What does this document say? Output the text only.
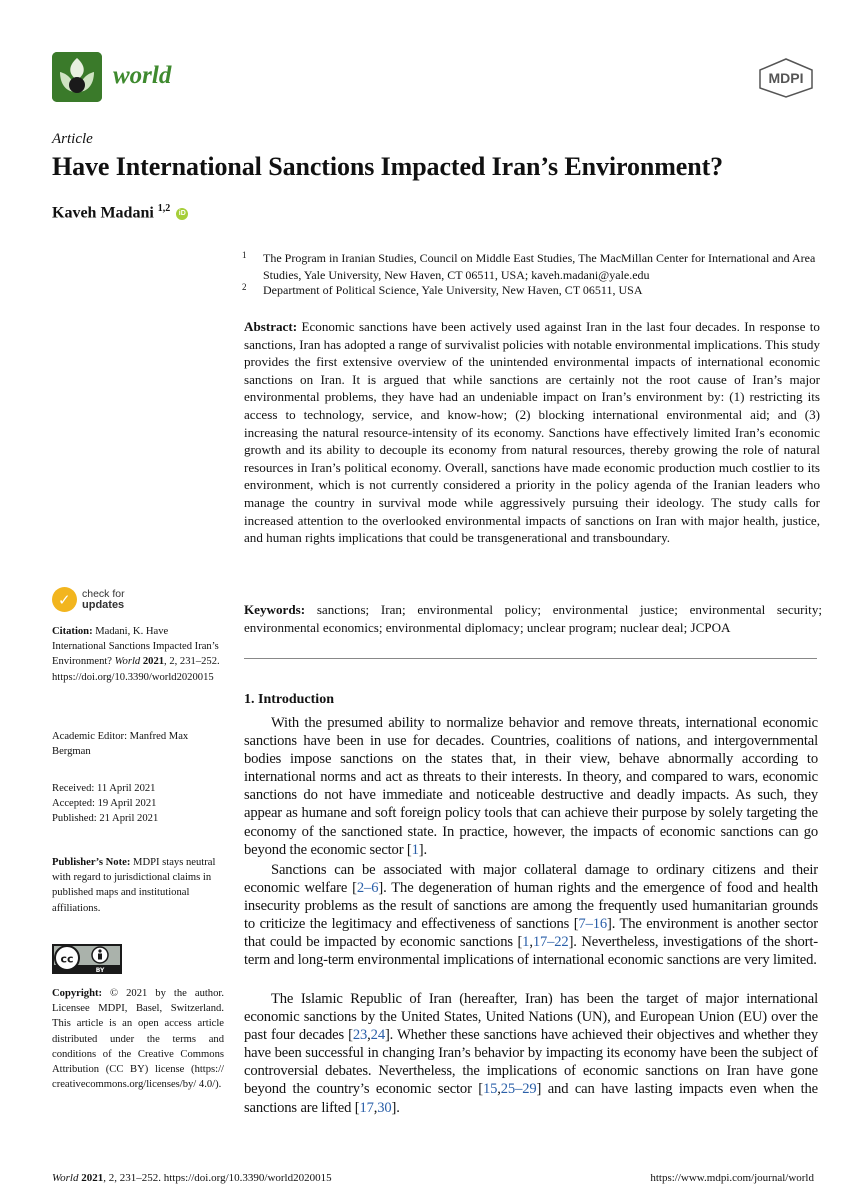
world	MDPI
Article
Have International Sanctions Impacted Iran’s Environment?
Kaveh Madani $^{1,2}$ iD
1 The Program in Iranian Studies, Council on Middle East Studies, The MacMillan Center for International and Area Studies, Yale University, New Haven, CT 06511, USA; kaveh.madani@yale.edu
2 Department of Political Science, Yale University, New Haven, CT 06511, USA

Abstract: Economic sanctions have been actively used against Iran in the last four decades. In response to sanctions, Iran has adopted a range of survivalist policies with notable environmental implications. This study provides the first extensive overview of the unintended environmental impacts of international economic sanctions on Iran. It is argued that while sanctions are certainly not the root cause of Iran’s major environmental problems, they have had an undeniable impact on Iran’s environment by: (1) restricting its access to technology, service, and know-how; (2) blocking international environmental aid; and (3) increasing the natural resource-intensity of its economy. Sanctions have effectively limited Iran’s economic growth and its ability to decouple its economy from natural resources, thereby growing the role of natural resources in Iran’s political economy. Overall, sanctions have made economic production much costlier to its environment, which is not currently considered a priority in the policy agenda of the Iranian leaders who manage the country in survival mode while aggressively pursuing their ideology. The study calls for increased attention to the overlooked environmental impacts of sanctions on Iran with major health, justice, and human rights implications that could be transgenerational and transboundary.

Keywords: sanctions; Iran; environmental policy; environmental justice; environmental security; environmental economics; environmental diplomacy; unclear program; nuclear deal; JCPOA

1. Introduction

With the presumed ability to normalize behavior and remove threats, international economic sanctions have been in use for decades. Countries, coalitions of nations, and intergovernmental bodies impose sanctions on the states that, in their view, behave abnormally according to international norms and act as threats to their interests. In theory, and compared to wars, economic sanctions do not have immediate and noticeable destructive and deadly impacts. As such, they appear as humane and soft foreign policy tools that can achieve their purpose by solely targeting the economy of the sanctioned state. In practice, however, the impacts of economic sanctions can go beyond the economic sector [1].

Sanctions can be associated with major collateral damage to ordinary citizens and their economic welfare [2–6]. The degeneration of human rights and the emergence of food and health insecurity problems as the result of sanctions are among the frequently used humanitarian grounds to criticize the legitimacy and effectiveness of sanctions [7–16]. The environment is another sector that could be impacted by economic sanctions [1,17–22]. Nevertheless, investigations of the short-term and long-term environmental implications of international economic sanctions are very limited.

The Islamic Republic of Iran (hereafter, Iran) has been the target of major international economic sanctions by the United States, United Nations (UN), and European Union (EU) over the past four decades [23,24]. Whether these sanctions have achieved their objectives and whether they have been successful in changing Iran’s behavior by impacting its economy have been the subject of controversial debates. Nevertheless, the implications of economic sanctions on Iran have gone beyond the country’s economic sector [15,25–29] and can have lasting impacts even when the sanctions are lifted [17,30].

✓ check for
updates

Citation: Madani, K. Have International Sanctions Impacted Iran’s Environment? World 2021, 2, 231–252. https://doi.org/10.3390/world2020015

Academic Editor: Manfred Max Bergman

Received: 11 April 2021
Accepted: 19 April 2021
Published: 21 April 2021

Publisher’s Note: MDPI stays neutral with regard to jurisdictional claims in published maps and institutional affiliations.

cc
BY

Copyright: © 2021 by the author. Licensee MDPI, Basel, Switzerland. This article is an open access article distributed under the terms and conditions of the Creative Commons Attribution (CC BY) license (https:// creativecommons.org/licenses/by/ 4.0/).

World 2021, 2, 231–252. https://doi.org/10.3390/world2020015	https://www.mdpi.com/journal/world
